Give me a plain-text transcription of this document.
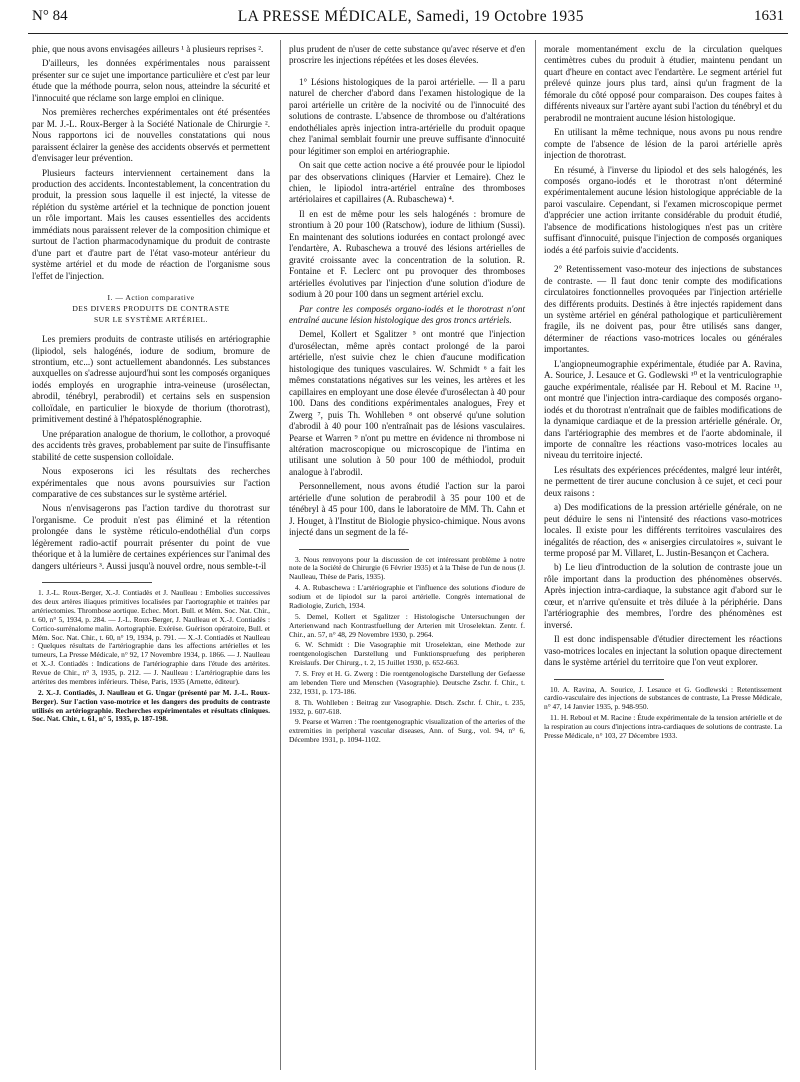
N° 84	LA PRESSE MÉDICALE, Samedi, 19 Octobre 1935	1631

phie, que nous avons envisagées ailleurs ¹ à plusieurs reprises ².

D'ailleurs, les données expérimentales nous paraissent présenter sur ce sujet une importance particulière et c'est par leur étude que la méthode pourra, selon nous, atteindre la sécurité et l'innocuité que réclame son large emploi en clinique.

Nos premières recherches expérimentales ont été présentées par M. J.-L. Roux-Berger à la Société Nationale de Chirurgie ². Nous rapportons ici de nouvelles constatations qui nous paraissent éclairer la genèse des accidents observés et permettent d'envisager leur prévention.

Plusieurs facteurs interviennent certainement dans la production des accidents. Incontestablement, la concentration du produit, la pression sous laquelle il est injecté, la vitesse de réplétion du système artériel et la technique de ponction jouent un rôle important. Mais les causes essentielles des accidents immédiats nous paraissent relever de la composition chimique et surtout de l'action pharmacodynamique du produit de contraste d'une part et d'autre part de l'état vaso-moteur antérieur du système artériel et du mode de réaction de l'organisme sous l'effet de l'injection.

I. — Action comparative
DES DIVERS PRODUITS DE CONTRASTE
SUR LE SYSTÈME ARTÉRIEL.

Les premiers produits de contraste utilisés en artériographie (lipiodol, sels halogénés, iodure de sodium, bromure de strontium, etc...) sont actuellement abandonnés. Les substances auxquelles on s'adresse aujourd'hui sont les composés organiques iodés employés en urographie intra-veineuse (urosélectan, abrodil, ténébryl, perabrodil) et certains sels en suspension colloïdale, en particulier le bioxyde de thorium (thorotrast), primitivement destiné à l'hépatosplénographie.

Une préparation analogue de thorium, le collothor, a provoqué des accidents très graves, probablement par suite de l'insuffisante stabilité de cette suspension colloïdale.

Nous exposerons ici les résultats des recherches expérimentales que nous avons poursuivies sur l'action comparative de ces substances sur le système artériel.

Nous n'envisagerons pas l'action tardive du thorotrast sur l'organisme. Ce produit n'est pas éliminé et la rétention prolongée dans le système réticulo-endothélial d'un corps légèrement radio-actif pourrait présenter du point de vue théorique et à la lumière de certaines expériences sur l'animal des dangers ultérieurs ³. Aussi jusqu'à nouvel ordre, nous semble-t-il

1. J.-L. Roux-Berger, X.-J. Contiadès et J. Naulleau : Embolies successives des deux artères iliaques primitives localisées par l'aortographie et traitées par artériectomies. Thrombose aortique. Echec. Mort. Bull. et Mém. Soc. Nat. Chir., t. 60, n° 5, 1934, p. 284. — J.-L. Roux-Berger, J. Naulleau et X.-J. Contiadès : Cortico-surrénalome malin. Aortographie. Exérèse. Guérison opératoire, Bull. et Mém. Soc. Nat. Chir., t. 60, n° 19, 1934, p. 791. — X.-J. Contiadès et Naulleau : Quelques résultats de l'artériographie dans les affections artérielles et les tumeurs, La Presse Médicale, n° 92, 17 Novembre 1934, p. 1866. — J. Naulleau et X.-J. Contiadès : Indications de l'artériographie dans l'étude des artérites. Revue de Chir., n° 3, 1935, p. 212. — J. Naulleau : L'artériographie dans les artérites des membres inférieurs. Thèse, Paris, 1935 (Arnette, éditeur).

2. X.-J. Contiadès, J. Naulleau et G. Ungar (présenté par M. J.-L. Roux-Berger). Sur l'action vaso-motrice et les dangers des produits de contraste utilisés en artériographie. Recherches expérimentales et résultats cliniques. Soc. Nat. Chir., t. 61, n° 5, 1935, p. 187-198.

plus prudent de n'user de cette substance qu'avec réserve et d'en proscrire les injections répétées et les doses élevées.

1° Lésions histologiques de la paroi artérielle. — Il a paru naturel de chercher d'abord dans l'examen histologique de la paroi artérielle un critère de la nocivité ou de l'innocuité des solutions de contraste. L'absence de thrombose ou d'altérations endothéliales après injection intra-artérielle du produit opaque chez l'animal semblait fournir une preuve suffisante d'innocuité pour légitimer son emploi en artériographie.

On sait que cette action nocive a été prouvée pour le lipiodol par des observations cliniques (Harvier et Lemaire). Chez le chien, le lipiodol intra-artériel entraîne des thromboses artériolaires et capillaires (A. Rubaschewa) ⁴.

Il en est de même pour les sels halogénés : bromure de strontium à 20 pour 100 (Ratschow), iodure de lithium (Sussi). En maintenant des solutions iodurées en contact prolongé avec l'endartère, A. Rubaschewa a trouvé des lésions artérielles de gravité croissante avec la concentration de la solution. R. Fontaine et F. Leclerc ont pu provoquer des thromboses artérielles évolutives par l'injection d'une solution d'iodure de sodium à 20 pour 100 dans un segment artériel exclu.

Par contre les composés organo-iodés et le thorotrast n'ont entraîné aucune lésion histologique des gros troncs artériels.

Demel, Kollert et Sgalitzer ⁵ ont montré que l'injection d'urosélectan, même après contact prolongé de la paroi artérielle, n'est suivie chez le chien d'aucune modification histologique des tuniques vasculaires. W. Schmidt ⁶ a fait les mêmes constatations négatives sur les veines, les artères et les capillaires en employant une dose élevée d'urosélectan à 40 pour 100. Dans des conditions expérimentales analogues, Frey et Zwerg ⁷, puis Th. Wohlleben ⁸ ont observé qu'une solution d'abrodil à 40 pour 100 n'entraînait pas de lésions vasculaires. Pearse et Warren ⁹ n'ont pu mettre en évidence ni thrombose ni altération macroscopique ou microscopique de l'intima en utilisant une solution à 50 pour 100 de méthiodol, produit analogue à l'abrodil.

Personnellement, nous avons étudié l'action sur la paroi artérielle d'une solution de perabrodil à 35 pour 100 et de ténébryl à 45 pour 100, dans le laboratoire de MM. Th. Cahn et J. Houget, à l'Institut de Biologie physico-chimique. Nous avons injecté dans un segment de la fé-

3. Nous renvoyons pour la discussion de cet intéressant problème à notre note de la Société de Chirurgie (6 Février 1935) et à la Thèse de l'un de nous (J. Naulleau, Thèse de Paris, 1935).

4. A. Rubaschewa : L'artériographie et l'influence des solutions d'iodure de sodium et de lipiodol sur la paroi artérielle. Congrès international de Radiologie, Zurich, 1934.

5. Demel, Kollert et Sgalitzer : Histologische Untersuchungen der Arterienwand nach Kontrastfuellung der Arterien mit Uroselektan. Zentr. f. Chir., an. 57, n° 48, 29 Novembre 1930, p. 2964.

6. W. Schmidt : Die Vasographie mit Uroselektan, eine Methode zur roentgenologischen Darstellung und Funktionspruefung des peripheren Kreislaufs. Der Chirurg., t. 2, 15 Juillet 1930, p. 652-663.

7. S. Frey et H. G. Zwerg : Die roentgenologische Darstellung der Gefaesse am lebenden Tiere und Menschen (Vasographie). Deutsche Zschr. f. Chir., t. 232, 1931, p. 173-186.

8. Th. Wohlleben : Beitrag zur Vasographie. Dtsch. Zschr. f. Chir., t. 235, 1932, p. 607-618.

9. Pearse et Warren : The roentgenographic visualization of the arteries of the extremities in peripheral vascular diseases, Ann. of Surg., vol. 94, n° 6, Décembre 1931, p. 1094-1102.

morale momentanément exclu de la circulation quelques centimètres cubes du produit à étudier, maintenu pendant un quart d'heure en contact avec l'endartère. Le segment artériel fut prélevé quinze jours plus tard, ainsi qu'un fragment de la fémorale du côté opposé pour comparaison. Des coupes faites à différents niveaux sur l'artère ayant subi l'action du ténébryl et du perabrodil ne montraient aucune lésion histologique.

En utilisant la même technique, nous avons pu nous rendre compte de l'absence de lésion de la paroi artérielle après injection de thorotrast.

En résumé, à l'inverse du lipiodol et des sels halogénés, les composés organo-iodés et le thorotrast n'ont déterminé expérimentalement aucune lésion histologique appréciable de la paroi vasculaire. Cependant, si l'examen microscopique permet d'apprécier une action irritante considérable du produit étudié, l'absence de modifications histologiques n'est pas un critère suffisant d'innocuité, puisque l'injection de composés organiques iodés a été parfois suivie d'accidents.

2° Retentissement vaso-moteur des injections de substances de contraste. — Il faut donc tenir compte des modifications circulatoires fonctionnelles provoquées par l'injection artérielle des différents produits. Destinés à être injectés rapidement dans un système artériel en général pathologique et particulièrement fragile, ils ne doivent pas, pour être utilisés sans danger, déterminer de réactions vaso-motrices locales ou générales importantes.

L'angiopneumographie expérimentale, étudiée par A. Ravina, A. Sourice, J. Lesauce et G. Godlewski ¹⁰ et la ventriculographie gauche expérimentale, réalisée par H. Reboul et M. Racine ¹¹, ont montré que l'injection intra-cardiaque des composés organo-iodés et du thorotrast n'entraînait que de faibles modifications de la dynamique cardiaque et de la pression artérielle générale. Or, dans l'artériographie des membres et de l'aorte abdominale, il importe de connaître les réactions vaso-motrices locales au niveau du territoire injecté.

Les résultats des expériences précédentes, malgré leur intérêt, ne permettent de tirer aucune conclusion à ce sujet, et ceci pour deux raisons :

a) Des modifications de la pression artérielle générale, on ne peut déduire le sens ni l'intensité des réactions vaso-motrices locales. Il existe pour les différents territoires vasculaires des inégalités de réaction, des « anisergies circulatoires », suivant le terme proposé par M. Villaret, L. Justin-Besançon et Cachera.

b) Le lieu d'introduction de la solution de contraste joue un rôle important dans la production des phénomènes observés. Après injection intra-cardiaque, la substance agit d'abord sur le cœur, et n'arrive qu'ensuite et très diluée à la périphérie. Dans l'artériographie des membres, l'ordre des phénomènes est inversé.

Il est donc indispensable d'étudier directement les réactions vaso-motrices locales en injectant la solution opaque directement dans le système artériel du territoire que l'on veut explorer.

10. A. Ravina, A. Sourice, J. Lesauce et G. Godlewski : Retentissement cardio-vasculaire des injections de substances de contraste, La Presse Médicale, n° 47, 14 Janvier 1935, p. 948-950.

11. H. Reboul et M. Racine : Étude expérimentale de la tension artérielle et de la respiration au cours d'injections intra-cardiaques de solutions de contraste. La Presse Médicale, n° 103, 27 Décembre 1933.
